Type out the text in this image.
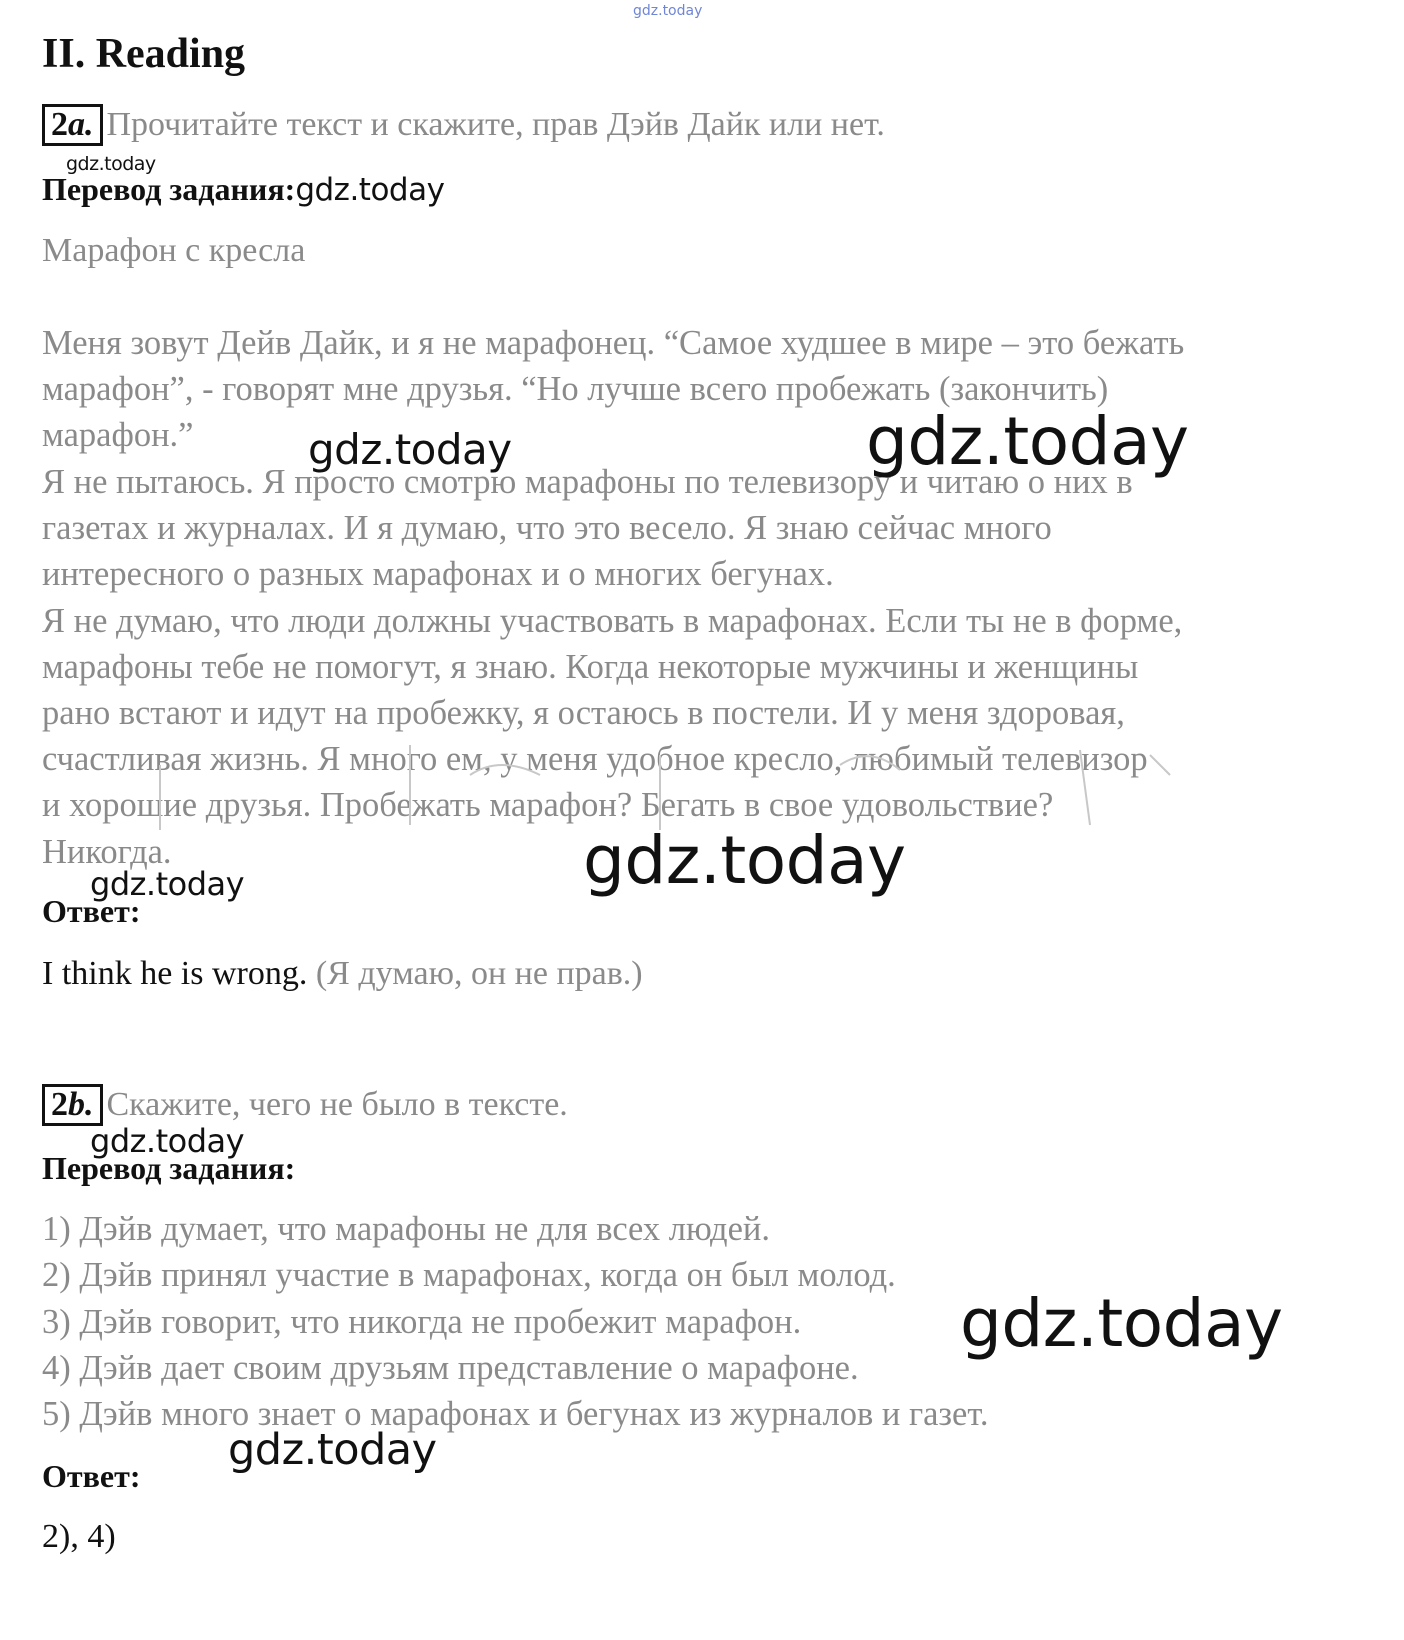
gdz.today
II. Reading
2a. Прочитайте текст и скажите, прав Дэйв Дайк или нет.
gdz.today
Перевод задания:gdz.today
Марафон с кресла
Меня зовут Дейв Дайк, и я не марафонец. “Самое худшее в мире – это бежать
марафон”, - говорят мне друзья. “Но лучше всего пробежать (закончить)
марафон.”
Я не пытаюсь. Я просто смотрю марафоны по телевизору и читаю о них в
газетах и журналах. И я думаю, что это весело. Я знаю сейчас много
интересного о разных марафонах и о многих бегунах.
Я не думаю, что люди должны участвовать в марафонах. Если ты не в форме,
марафоны тебе не помогут, я знаю. Когда некоторые мужчины и женщины
рано встают и идут на пробежку, я остаюсь в постели. И у меня здоровая,
счастливая жизнь. Я много ем, у меня удобное кресло, любимый телевизор
и хорошие друзья. Пробежать марафон? Бегать в свое удовольствие?
Никогда.
gdz.today	gdz.today
gdz.today
gdz.today
Ответ:
I think he is wrong. (Я думаю, он не прав.)
2b. Скажите, чего не было в тексте.
gdz.today
Перевод задания:
1) Дэйв думает, что марафоны не для всех людей.
2) Дэйв принял участие в марафонах, когда он был молод.
3) Дэйв говорит, что никогда не пробежит марафон.
4) Дэйв дает своим друзьям представление о марафоне.
5) Дэйв много знает о марафонах и бегунах из журналов и газет.
gdz.today
gdz.today
Ответ:
2), 4)
